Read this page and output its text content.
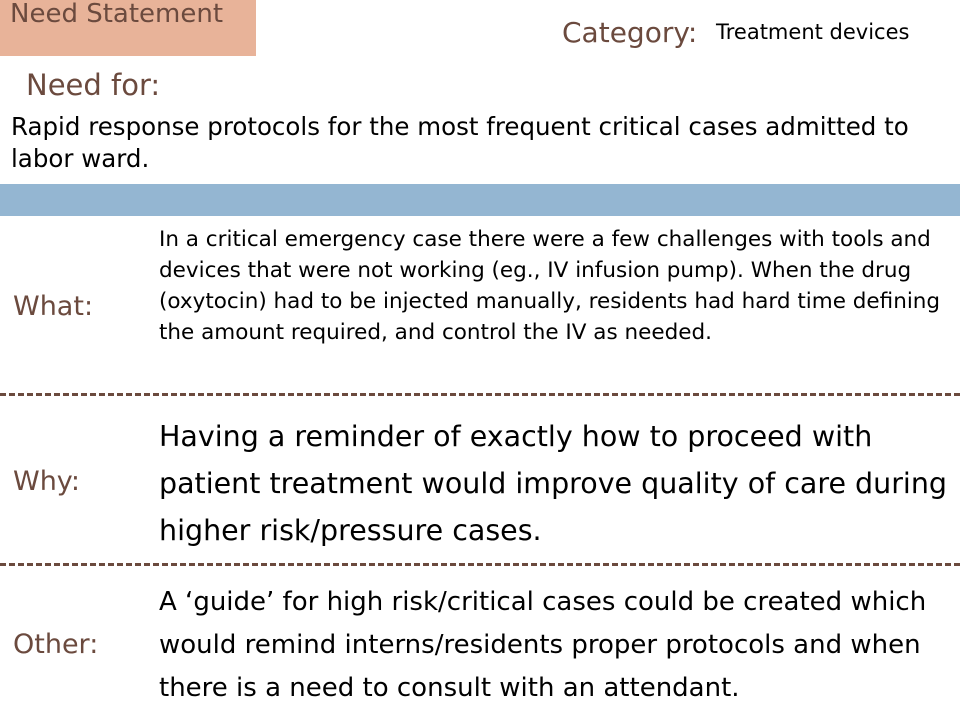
Need Statement
Category: Treatment devices
Need for:
Rapid response protocols for the most frequent critical cases admitted to labor ward.
What:
In a critical emergency case there were a few challenges with tools and devices that were not working (eg., IV infusion pump). When the drug (oxytocin) had to be injected manually, residents had hard time defining the amount required, and control the IV as needed.
Why:
Having a reminder of exactly how to proceed with patient treatment would improve quality of care during higher risk/pressure cases.
Other:
A ‘guide’ for high risk/critical cases could be created which would remind interns/residents proper protocols and when there is a need to consult with an attendant.
